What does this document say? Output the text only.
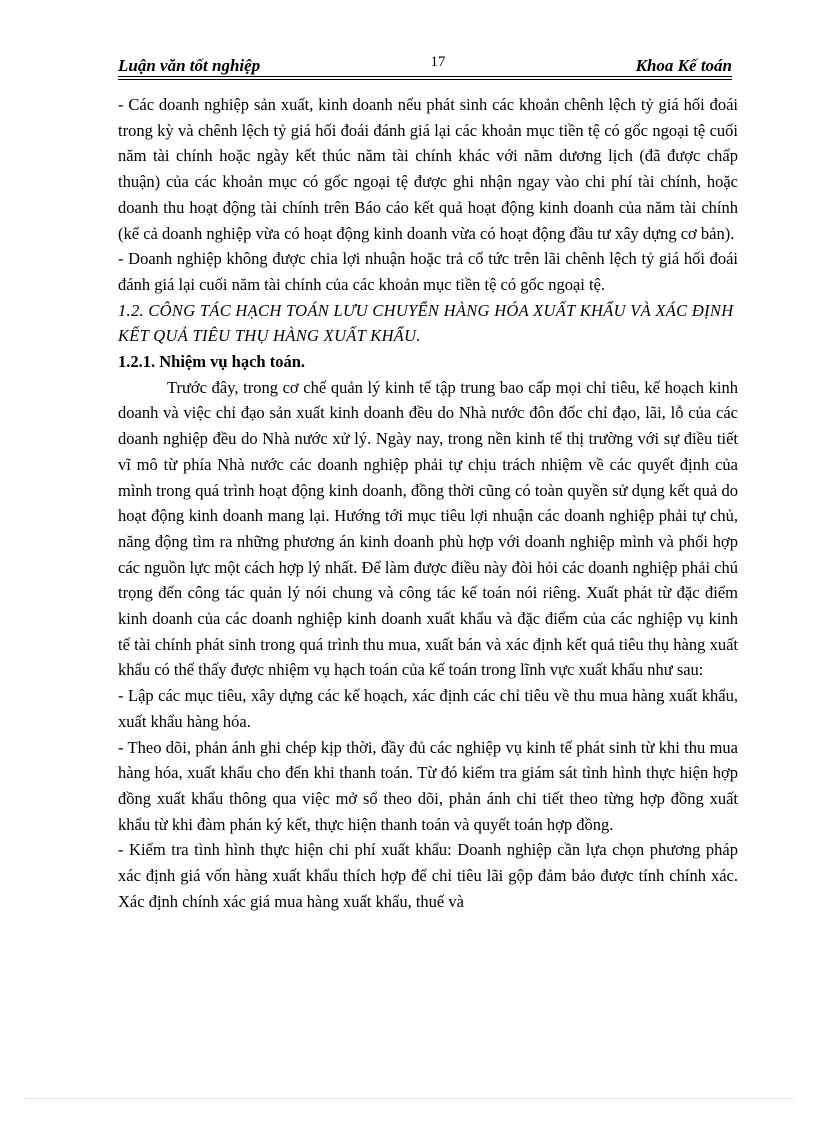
Luận văn tốt nghiệp	17	Khoa Kế toán

- Các doanh nghiệp sản xuất, kinh doanh nếu phát sinh các khoản chênh lệch tỷ giá hối đoái trong kỳ và chênh lệch tỷ giá hối đoái đánh giá lại các khoản mục tiền tệ có gốc ngoại tệ cuối năm tài chính hoặc ngày kết thúc năm tài chính khác với năm dương lịch (đã được chấp thuận) của các khoản mục có gốc ngoại tệ được ghi nhận ngay vào chi phí tài chính, hoặc doanh thu hoạt động tài chính trên Báo cáo kết quả hoạt động kinh doanh của năm tài chính (kể cả doanh nghiệp vừa có hoạt động kinh doanh vừa có hoạt động đầu tư xây dựng cơ bản).

- Doanh nghiệp không được chia lợi nhuận hoặc trả cổ tức trên lãi chênh lệch tỷ giá hối đoái đánh giá lại cuối năm tài chính của các khoản mục tiền tệ có gốc ngoại tệ.

1.2. CÔNG TÁC HẠCH TOÁN LƯU CHUYỂN HÀNG HÓA XUẤT KHẨU VÀ XÁC ĐỊNH KẾT QUẢ TIÊU THỤ HÀNG XUẤT KHẨU.

1.2.1. Nhiệm vụ hạch toán.

Trước đây, trong cơ chế quản lý kinh tế tập trung bao cấp mọi chỉ tiêu, kế hoạch kinh doanh và việc chỉ đạo sản xuất kinh doanh đều do Nhà nước đôn đốc chỉ đạo, lãi, lỗ của các doanh nghiệp đều do Nhà nước xử lý. Ngày nay, trong nền kinh tế thị trường với sự điều tiết vĩ mô từ phía Nhà nước các doanh nghiệp phải tự chịu trách nhiệm về các quyết định của mình trong quá trình hoạt động kinh doanh, đồng thời cũng có toàn quyền sử dụng kết quả do hoạt động kinh doanh mang lại. Hướng tới mục tiêu lợi nhuận các doanh nghiệp phải tự chủ, năng động tìm ra những phương án kinh doanh phù hợp với doanh nghiệp mình và phối hợp các nguồn lực một cách hợp lý nhất. Để làm được điều này đòi hỏi các doanh nghiệp phải chú trọng đến công tác quản lý nói chung và công tác kế toán nói riêng. Xuất phát từ đặc điểm kinh doanh của các doanh nghiệp kinh doanh xuất khẩu và đặc điểm của các nghiệp vụ kinh tế tài chính phát sinh trong quá trình thu mua, xuất bán và xác định kết quả tiêu thụ hàng xuất khẩu có thể thấy được nhiệm vụ hạch toán của kế toán trong lĩnh vực xuất khẩu như sau:

- Lập các mục tiêu, xây dựng các kế hoạch, xác định các chỉ tiêu về thu mua hàng xuất khẩu, xuất khẩu hàng hóa.

- Theo dõi, phản ánh ghi chép kịp thời, đầy đủ các nghiệp vụ kinh tế phát sinh từ khi thu mua hàng hóa, xuất khẩu cho đến khi thanh toán. Từ đó kiểm tra giám sát tình hình thực hiện hợp đồng xuất khẩu thông qua việc mở sổ theo dõi, phản ánh chi tiết theo từng hợp đồng xuất khẩu từ khi đàm phán ký kết, thực hiện thanh toán và quyết toán hợp đồng.

- Kiểm tra tình hình thực hiện chi phí xuất khẩu: Doanh nghiệp cần lựa chọn phương pháp xác định giá vốn hàng xuất khẩu thích hợp để chỉ tiêu lãi gộp đảm bảo được tính chính xác. Xác định chính xác giá mua hàng xuất khẩu, thuế và
